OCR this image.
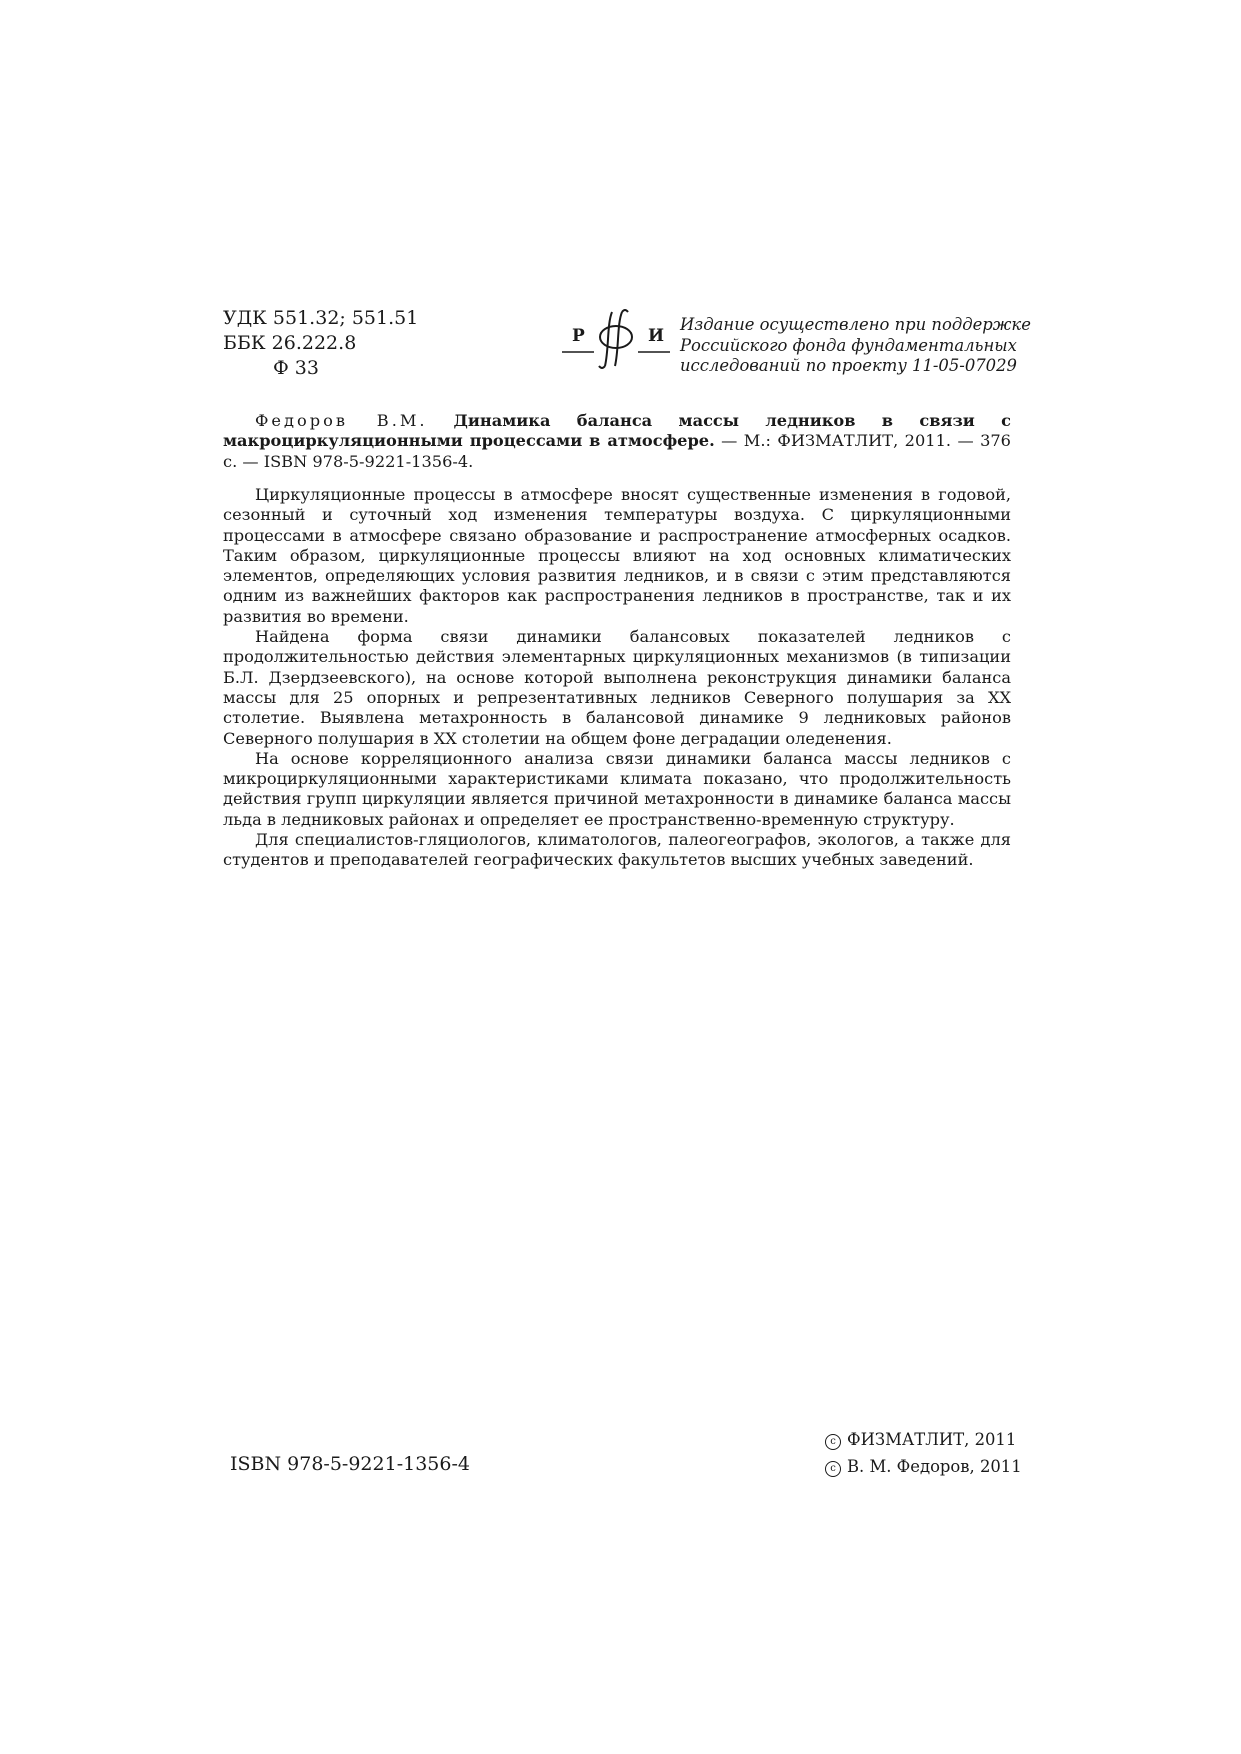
УДК 551.32; 551.51
ББК 26.222.8
Ф 33
Р	И
Издание осуществлено при поддержке
Российского фонда фундаментальных
исследований по проекту 11-05-07029
Федоров В.М. Динамика баланса массы ледников в связи с макроциркуляционными процессами в атмосфере. — М.: ФИЗМАТЛИТ, 2011. — 376 с. — ISBN 978-5-9221-1356-4.

Циркуляционные процессы в атмосфере вносят существенные изменения в годовой, сезонный и суточный ход изменения температуры воздуха. С циркуляционными процессами в атмосфере связано образование и распространение атмосферных осадков. Таким образом, циркуляционные процессы влияют на ход основных климатических элементов, определяющих условия развития ледников, и в связи с этим представляются одним из важнейших факторов как распространения ледников в пространстве, так и их развития во времени.

Найдена форма связи динамики балансовых показателей ледников с продолжительностью действия элементарных циркуляционных механизмов (в типизации Б.Л. Дзердзеевского), на основе которой выполнена реконструкция динамики баланса массы для 25 опорных и репрезентативных ледников Северного полушария за XX столетие. Выявлена метахронность в балансовой динамике 9 ледниковых районов Северного полушария в XX столетии на общем фоне деградации оледенения.

На основе корреляционного анализа связи динамики баланса массы ледников с микроциркуляционными характеристиками климата показано, что продолжительность действия групп циркуляции является причиной метахронности в динамике баланса массы льда в ледниковых районах и определяет ее пространственно-временную структуру.

Для специалистов-гляциологов, климатологов, палеогеографов, экологов, а также для студентов и преподавателей географических факультетов высших учебных заведений.

ISBN 978-5-9221-1356-4
c ФИЗМАТЛИТ, 2011
c В. М. Федоров, 2011
